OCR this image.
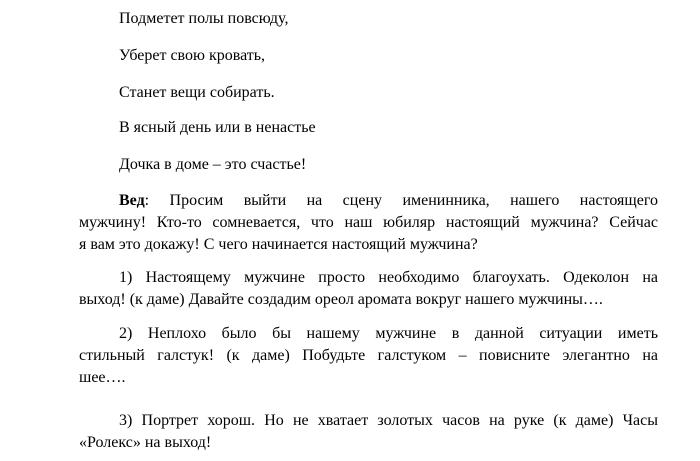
Подметет полы повсюду,
Уберет свою кровать,
Станет вещи собирать.
В ясный день или в ненастье
Дочка в доме – это счастье!
Вед: Просим выйти на сцену именинника, нашего настоящего
мужчину! Кто-то сомневается, что наш юбиляр настоящий мужчина? Сейчас
я вам это докажу! С чего начинается настоящий мужчина?
1) Настоящему мужчине просто необходимо благоухать. Одеколон на
выход! (к даме) Давайте создадим ореол аромата вокруг нашего мужчины….
2) Неплохо было бы нашему мужчине в данной ситуации иметь
стильный галстук! (к даме) Побудьте галстуком – повисните элегантно на
шее….
3) Портрет хорош. Но не хватает золотых часов на руке (к даме) Часы
«Ролекс» на выход!
